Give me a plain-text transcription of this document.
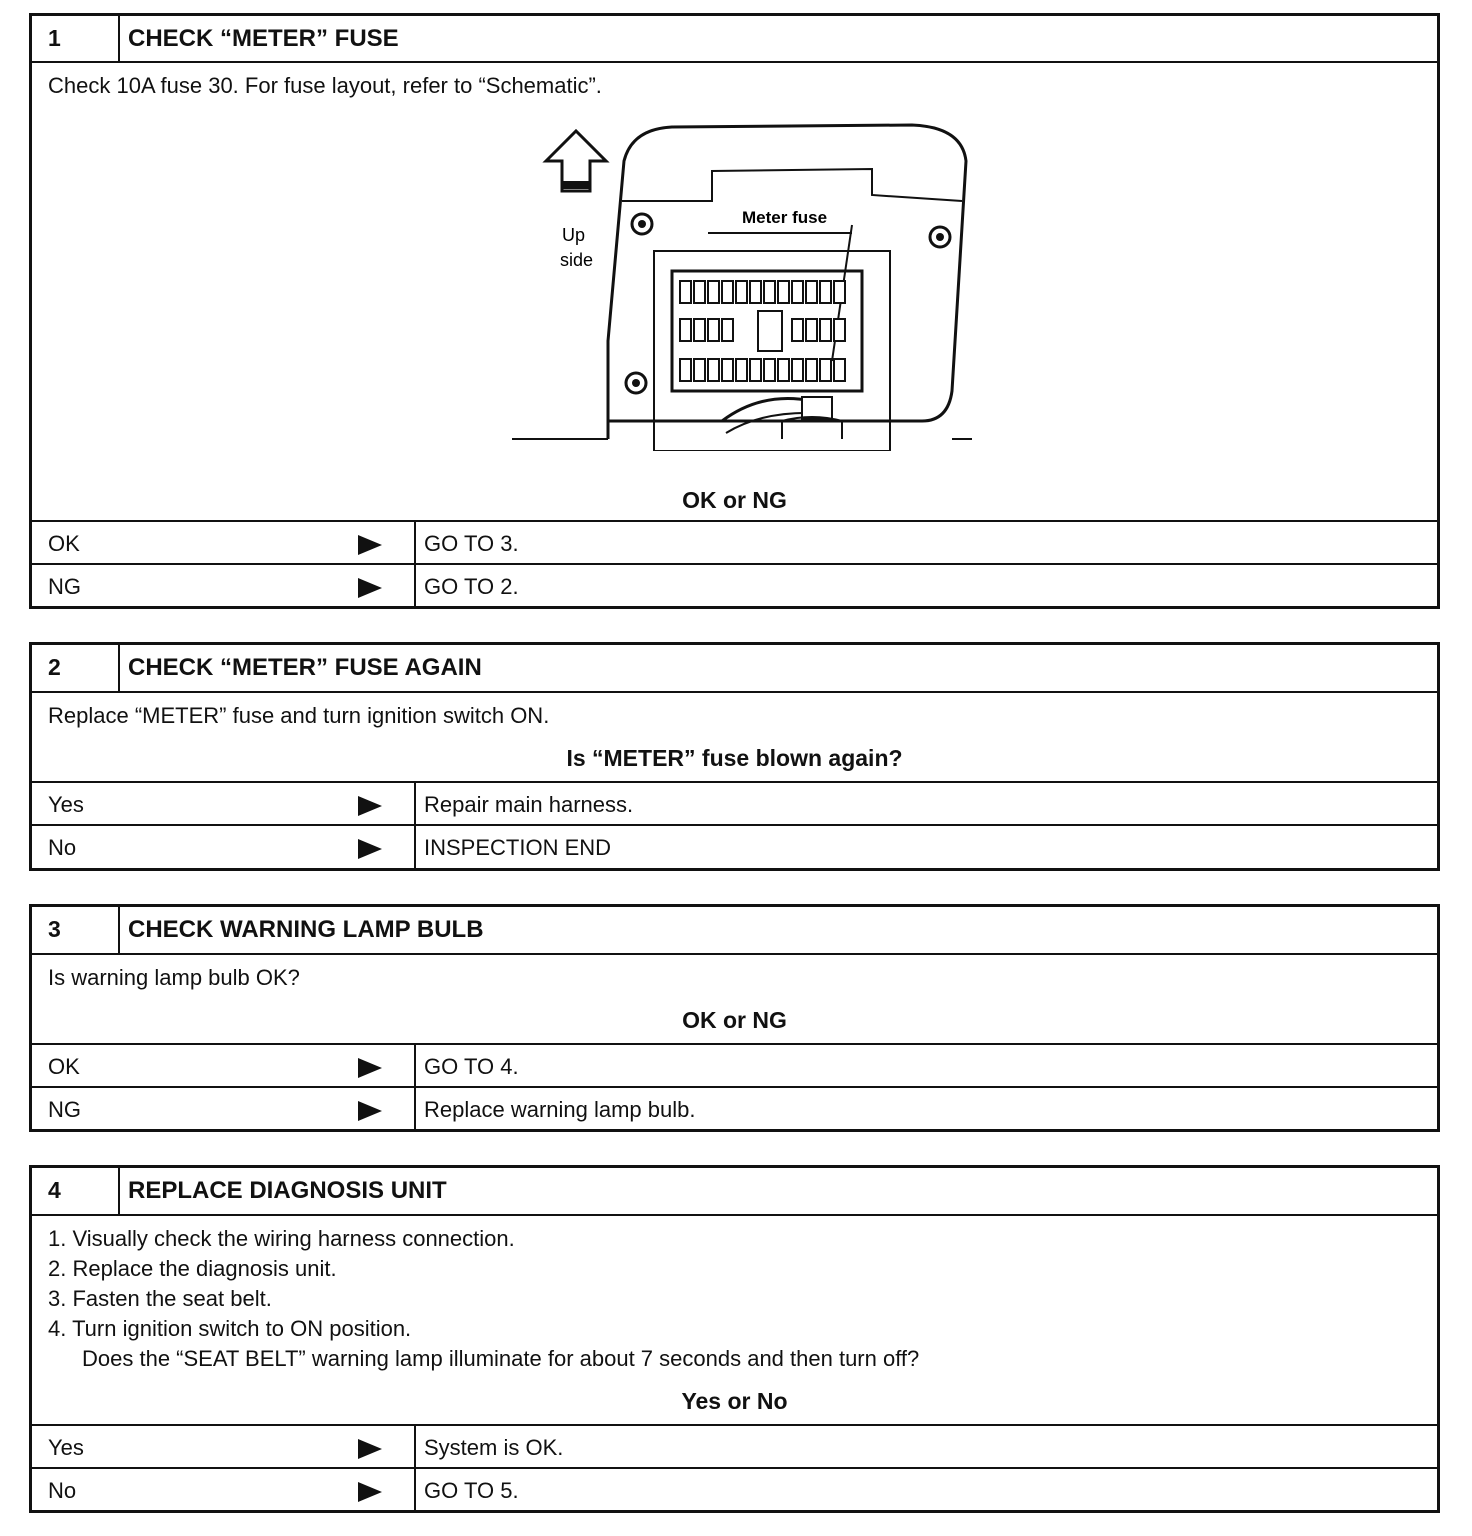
1	CHECK “METER” FUSE
Check 10A fuse 30. For fuse layout, refer to “Schematic”.
Up
side
Meter fuse
OK or NG
OK	GO TO 3.
NG	GO TO 2.
2	CHECK “METER” FUSE AGAIN
Replace “METER” fuse and turn ignition switch ON.
Is “METER” fuse blown again?
Yes	Repair main harness.
No	INSPECTION END
3	CHECK WARNING LAMP BULB
Is warning lamp bulb OK?
OK or NG
OK	GO TO 4.
NG	Replace warning lamp bulb.
4	REPLACE DIAGNOSIS UNIT
1. Visually check the wiring harness connection.
2. Replace the diagnosis unit.
3. Fasten the seat belt.
4. Turn ignition switch to ON position.
Does the “SEAT BELT” warning lamp illuminate for about 7 seconds and then turn off?
Yes or No
Yes	System is OK.
No	GO TO 5.
